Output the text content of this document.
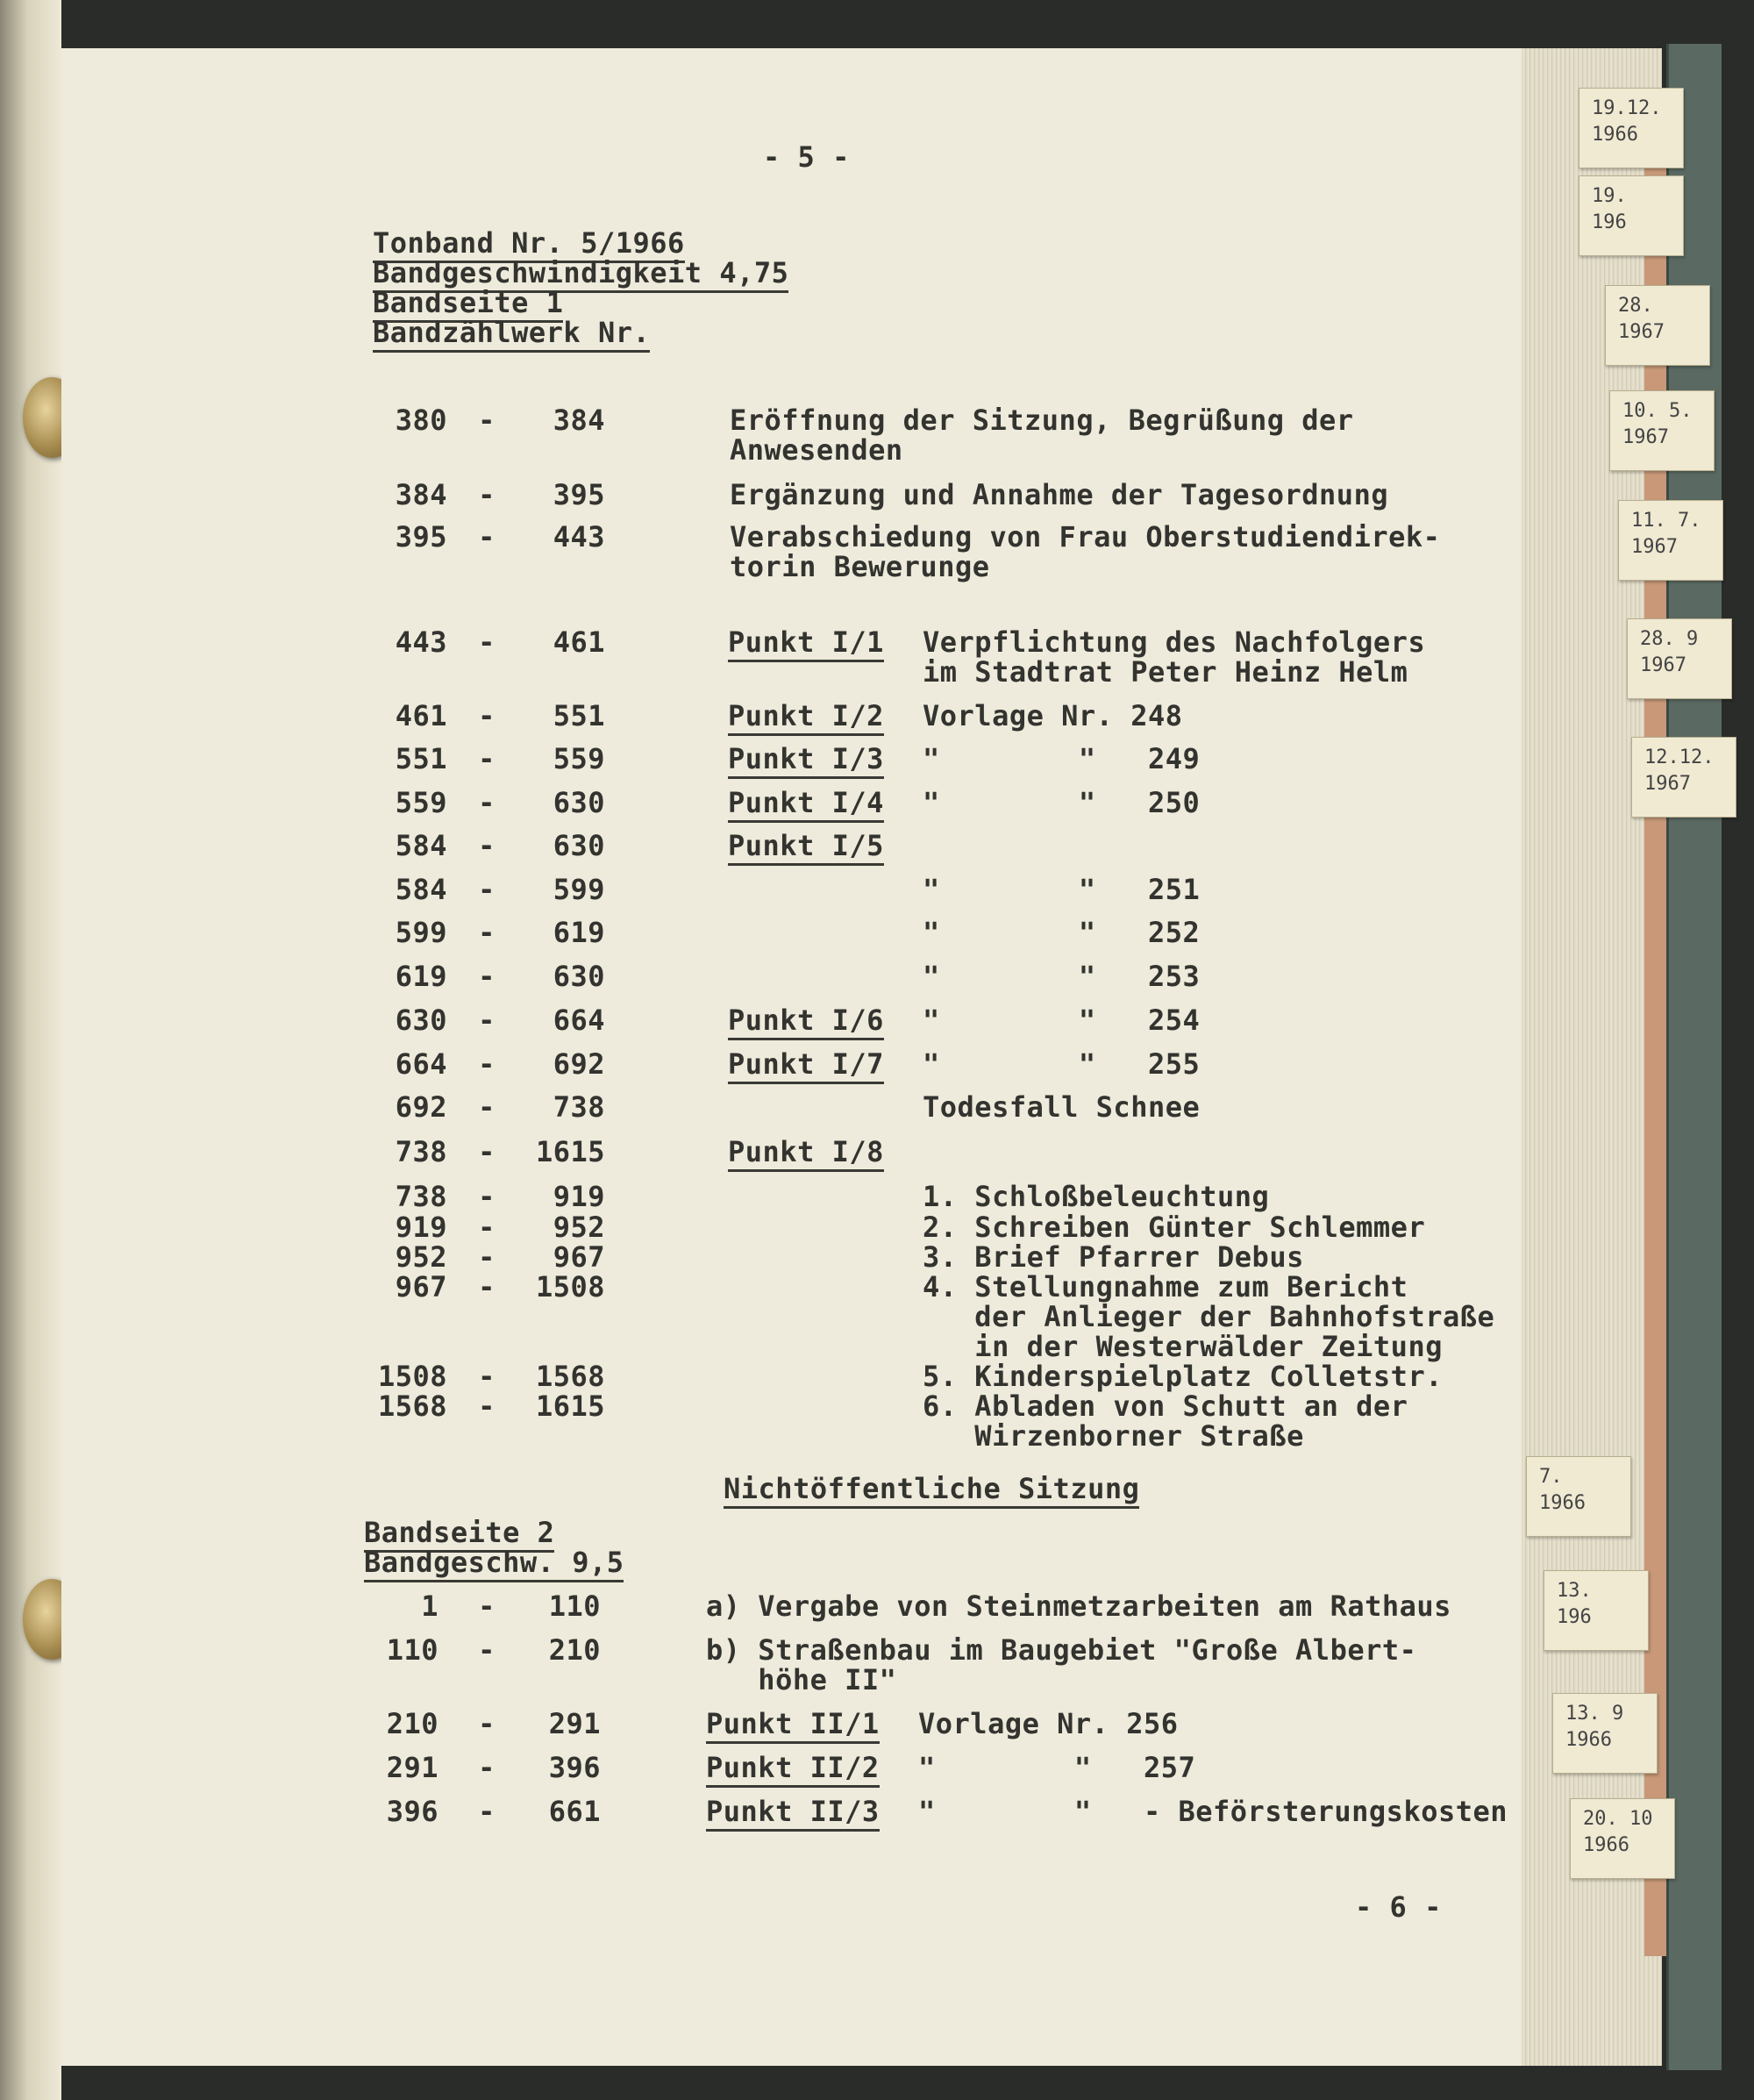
19.12.
1966
19.
196
28.
1967
10. 5.
1967
11. 7.
1967
28. 9
1967
12.12.
1967
7.
1966
13.
196
13. 9
1966
20. 10
1966
- 5 -
Tonband Nr. 5/1966
Bandgeschwindigkeit 4,75
Bandseite 1
Bandzählwerk Nr.
380	-	384	Eröffnung der Sitzung, Begrüßung der
Anwesenden
384	-	395	Ergänzung und Annahme der Tagesordnung
395	-	443	Verabschiedung von Frau Oberstudiendirek-
torin Bewerunge
443	-	461	Punkt I/1 Verpflichtung des Nachfolgers
im Stadtrat Peter Heinz Helm
461	-	551	Punkt I/2 Vorlage Nr. 248
551	-	559	Punkt I/3 "        "   249
559	-	630	Punkt I/4 "        "   250
584	-	630	Punkt I/5
584	-	599	"        "   251
599	-	619	"        "   252
619	-	630	"        "   253
630	-	664	Punkt I/6 "        "   254
664	-	692	Punkt I/7 "        "   255
692	-	738	Todesfall Schnee
738	-	1615	Punkt I/8
738	-	919	1. Schloßbeleuchtung
919	-	952	2. Schreiben Günter Schlemmer
952	-	967	3. Brief Pfarrer Debus
967	-	1508	4. Stellungnahme zum Bericht
der Anlieger der Bahnhofstraße
in der Westerwälder Zeitung
1508	-	1568	5. Kinderspielplatz Colletstr.
1568	-	1615	6. Abladen von Schutt an der
Wirzenborner Straße
Nichtöffentliche Sitzung
Bandseite 2
Bandgeschw. 9,5
1	-	110	a) Vergabe von Steinmetzarbeiten am Rathaus
110	-	210	b) Straßenbau im Baugebiet "Große Albert-
höhe II"
210	-	291	Punkt II/1 Vorlage Nr. 256
291	-	396	Punkt II/2 "        "   257
396	-	661	Punkt II/3 "        "   - Beförsterungskosten
- 6 -
